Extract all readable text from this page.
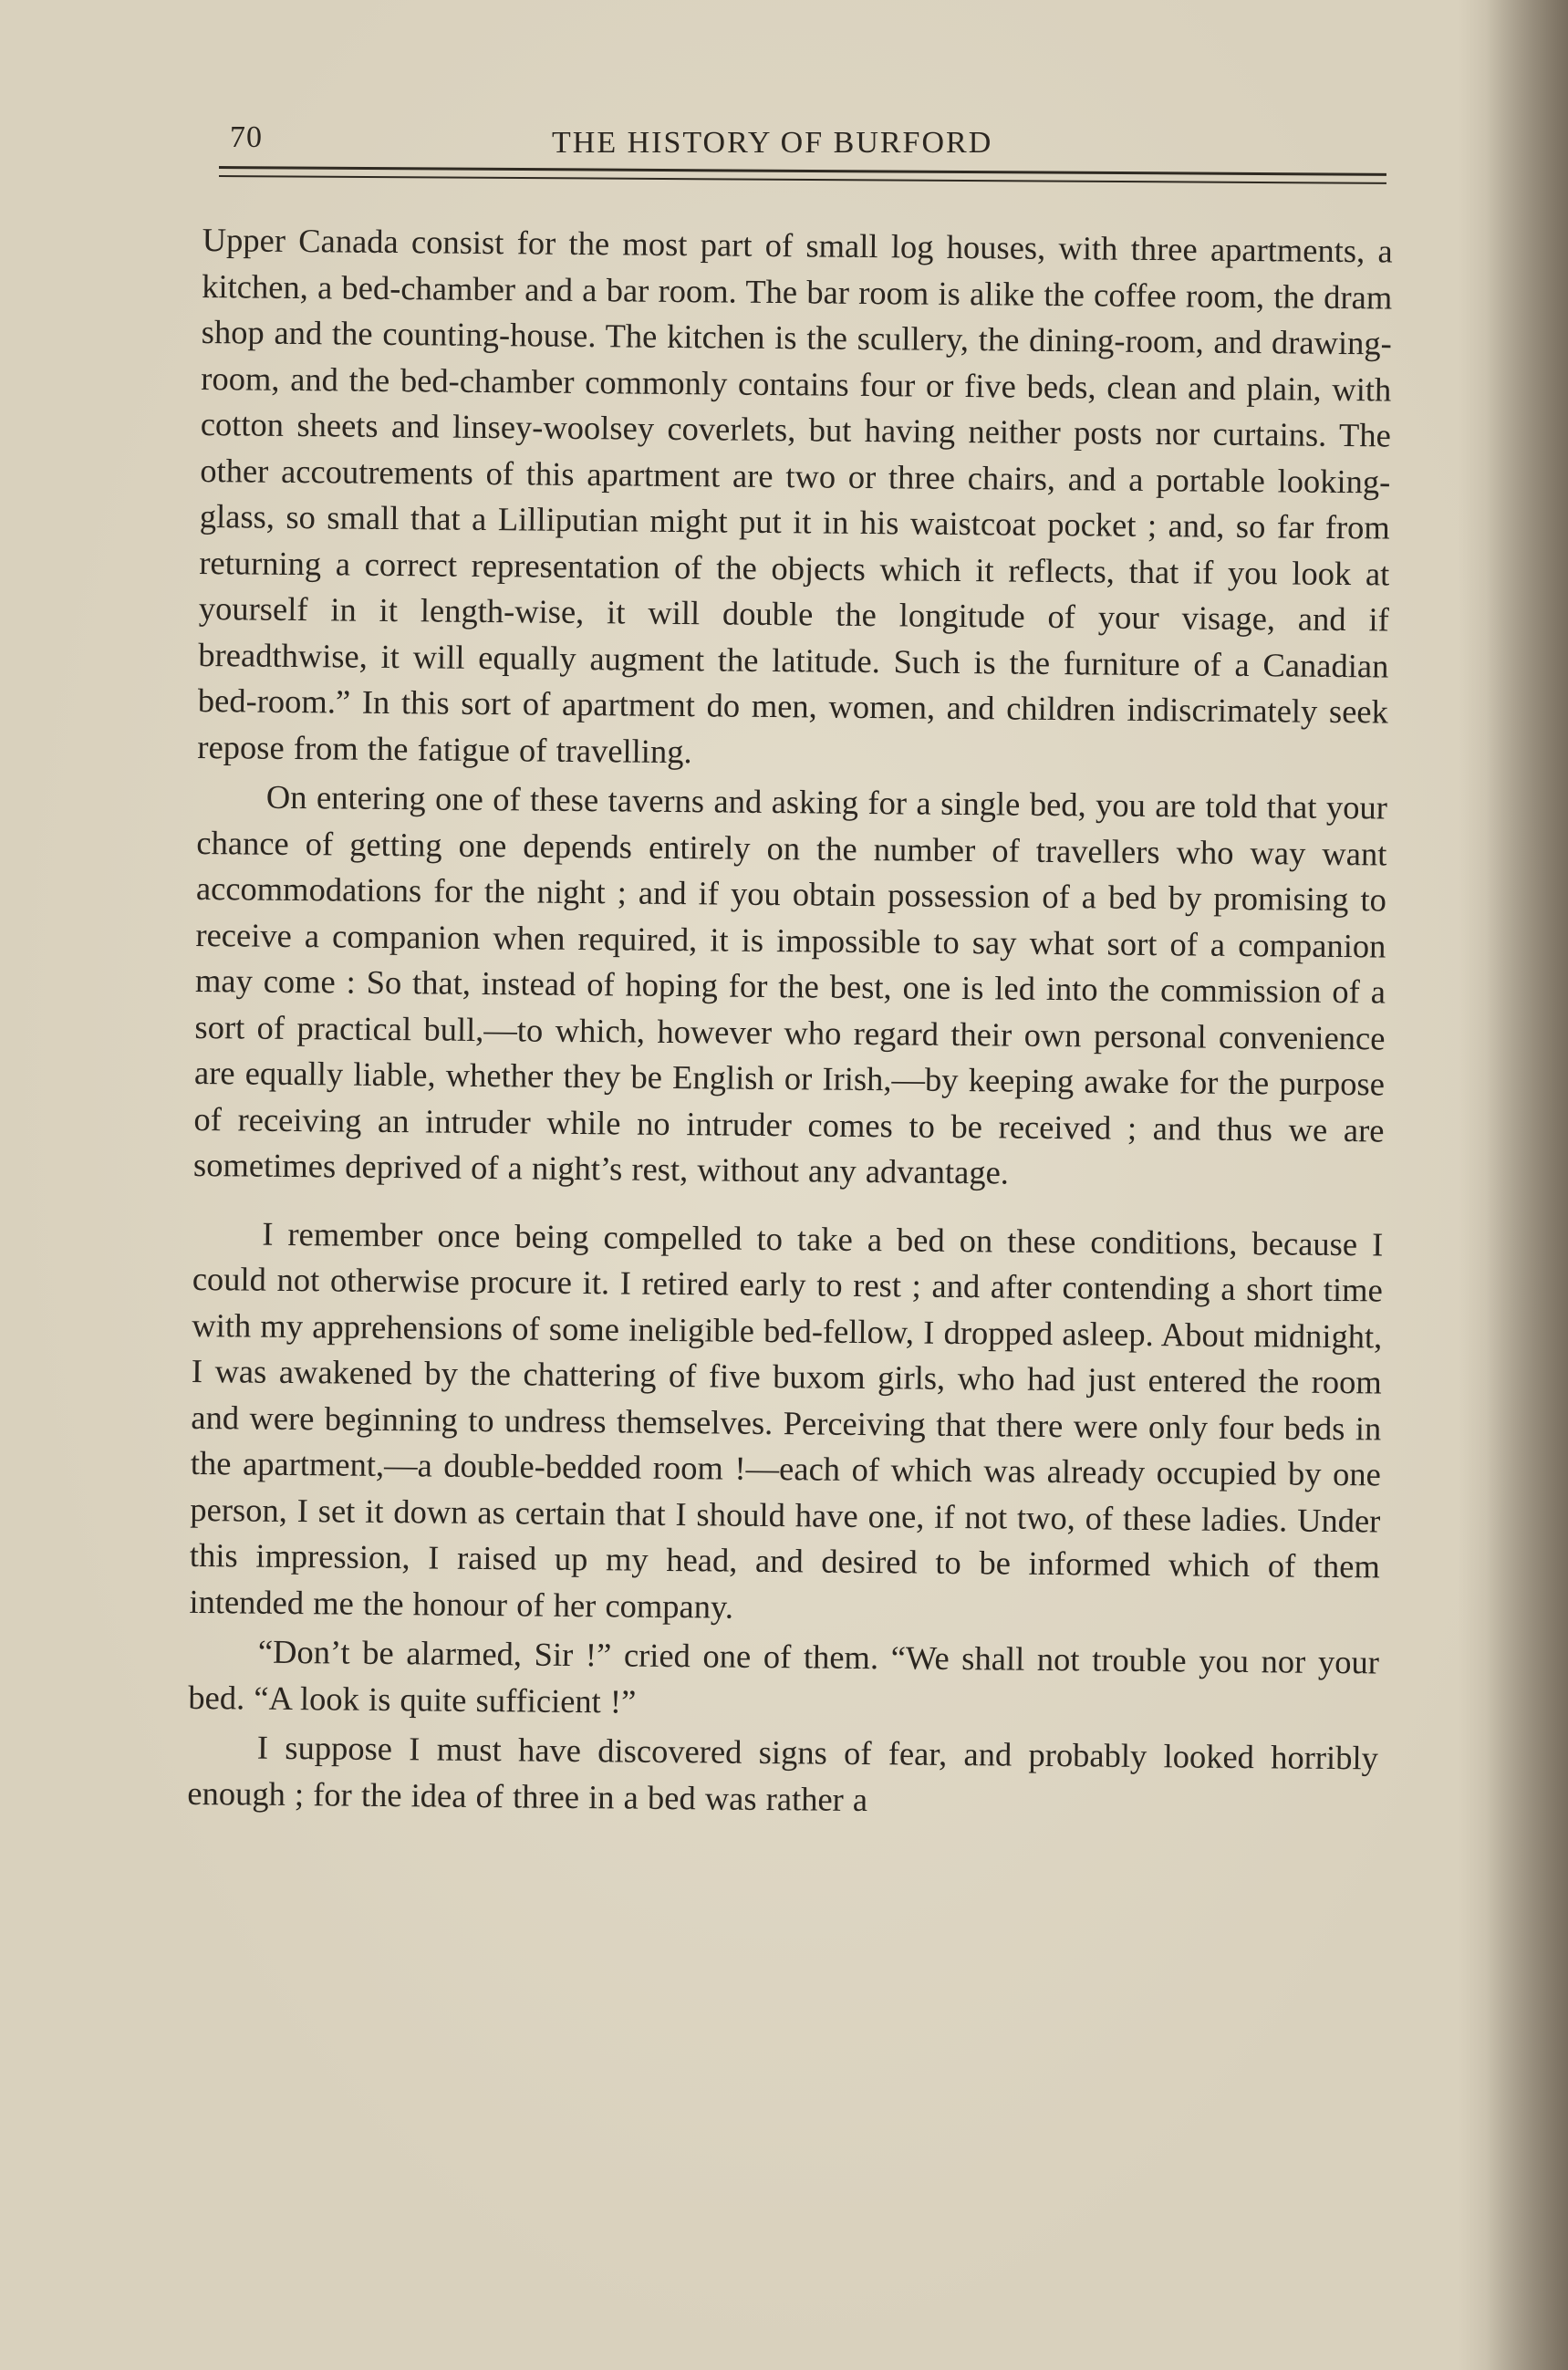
70	THE HISTORY OF BURFORD

Upper Canada consist for the most part of small log houses, with three apartments, a kitchen, a bed-chamber and a bar room. The bar room is alike the coffee room, the dram shop and the counting-house. The kitchen is the scullery, the dining-room, and drawing-room, and the bed-chamber commonly contains four or five beds, clean and plain, with cotton sheets and linsey-woolsey coverlets, but having neither posts nor curtains. The other accoutrements of this apartment are two or three chairs, and a portable looking-glass, so small that a Lilliputian might put it in his waistcoat pocket ; and, so far from returning a correct representation of the objects which it reflects, that if you look at yourself in it length-wise, it will double the longitude of your visage, and if breadthwise, it will equally augment the latitude. Such is the furniture of a Canadian bed-room.” In this sort of apartment do men, women, and children indiscrimately seek repose from the fatigue of travelling.

On entering one of these taverns and asking for a single bed, you are told that your chance of getting one depends entirely on the number of travellers who way want accommodations for the night ; and if you obtain possession of a bed by promising to receive a companion when required, it is impossible to say what sort of a companion may come : So that, instead of hoping for the best, one is led into the commission of a sort of practical bull,—to which, however who regard their own personal convenience are equally liable, whether they be English or Irish,—by keeping awake for the purpose of receiving an intruder while no intruder comes to be received ; and thus we are sometimes deprived of a night’s rest, without any advantage.

I remember once being compelled to take a bed on these conditions, because I could not otherwise procure it. I retired early to rest ; and after contending a short time with my apprehensions of some ineligible bed-fellow, I dropped asleep. About midnight, I was awakened by the chattering of five buxom girls, who had just entered the room and were beginning to undress themselves. Perceiving that there were only four beds in the apartment,—a double-bedded room !—each of which was already occupied by one person, I set it down as certain that I should have one, if not two, of these ladies. Under this impression, I raised up my head, and desired to be informed which of them intended me the honour of her company.

“Don’t be alarmed, Sir !” cried one of them. “We shall not trouble you nor your bed. “A look is quite sufficient !”

I suppose I must have discovered signs of fear, and probably looked horribly enough ; for the idea of three in a bed was rather a
